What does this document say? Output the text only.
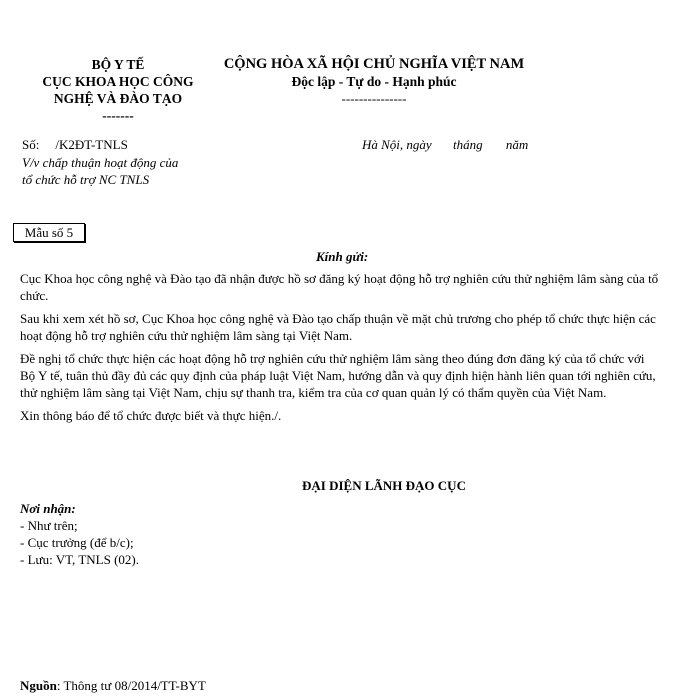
BỘ Y TẾ
CỤC KHOA HỌC CÔNG
NGHỆ VÀ ĐÀO TẠO
-------
CỘNG HÒA XÃ HỘI CHỦ NGHĨA VIỆT NAM
Độc lập - Tự do - Hạnh phúc
---------------
Số: /K2ĐT-TNLS
V/v chấp thuận hoạt động của
tổ chức hỗ trợ NC TNLS
Hà Nội, ngày tháng năm
Mẫu số 5
Kính gửi:

Cục Khoa học công nghệ và Đào tạo đã nhận được hồ sơ đăng ký hoạt động hỗ trợ nghiên cứu thử nghiệm lâm sàng của tổ chức.

Sau khi xem xét hồ sơ, Cục Khoa học công nghệ và Đào tạo chấp thuận về mặt chủ trương cho phép tổ chức thực hiện các hoạt động hỗ trợ nghiên cứu thử nghiệm lâm sàng tại Việt Nam.

Đề nghị tổ chức thực hiện các hoạt động hỗ trợ nghiên cứu thử nghiệm lâm sàng theo đúng đơn đăng ký của tổ chức với Bộ Y tế, tuân thủ đầy đủ các quy định của pháp luật Việt Nam, hướng dẫn và quy định hiện hành liên quan tới nghiên cứu, thử nghiệm lâm sàng tại Việt Nam, chịu sự thanh tra, kiểm tra của cơ quan quản lý có thẩm quyền của Việt Nam.

Xin thông báo để tổ chức được biết và thực hiện./.

ĐẠI DIỆN LÃNH ĐẠO CỤC
Nơi nhận:
- Như trên;
- Cục trưởng (để b/c);
- Lưu: VT, TNLS (02).
Nguồn: Thông tư 08/2014/TT-BYT
